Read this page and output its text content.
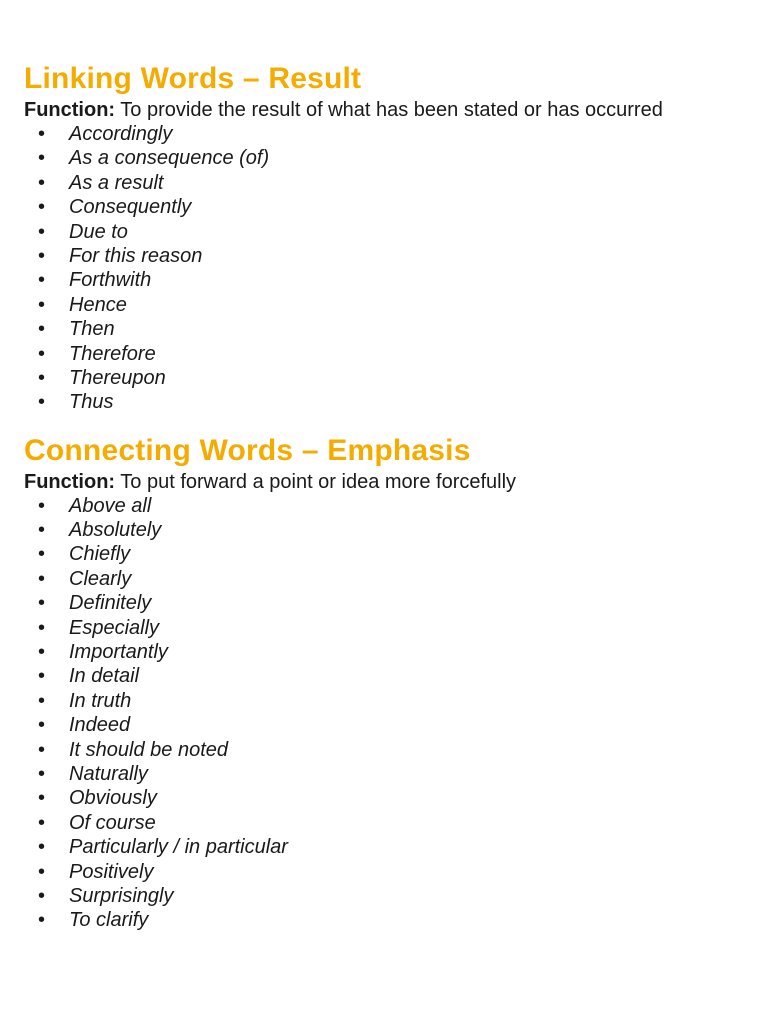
Linking Words – Result

Function: To provide the result of what has been stated or has occurred

• Accordingly
• As a consequence (of)
• As a result
• Consequently
• Due to
• For this reason
• Forthwith
• Hence
• Then
• Therefore
• Thereupon
• Thus
Connecting Words – Emphasis

Function: To put forward a point or idea more forcefully

• Above all
• Absolutely
• Chiefly
• Clearly
• Definitely
• Especially
• Importantly
• In detail
• In truth
• Indeed
• It should be noted
• Naturally
• Obviously
• Of course
• Particularly / in particular
• Positively
• Surprisingly
• To clarify
